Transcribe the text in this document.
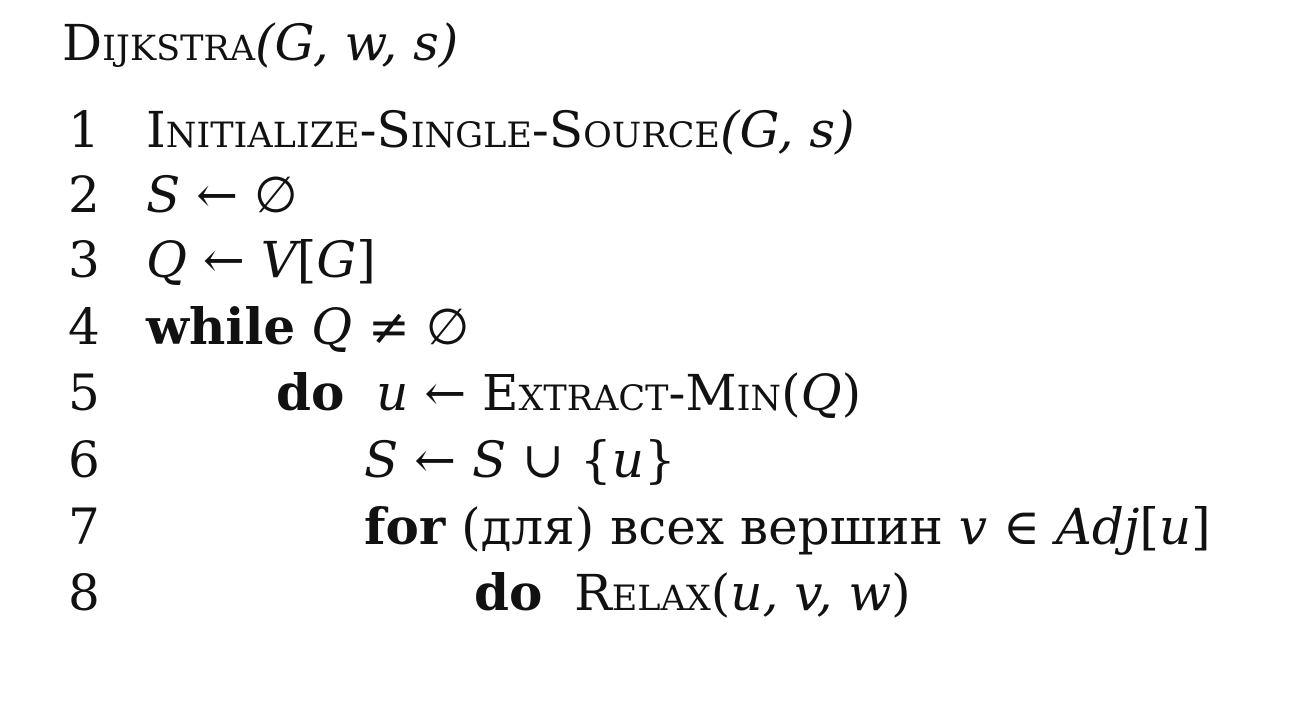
Dijkstra(G, w, s)
1 Initialize-Single-Source(G, s)
2 S ← ∅
3 Q ← V[G]
4 while Q ≠ ∅
5	do u ← Extract-Min(Q)
6	S ← S ∪ {u}
7	for (для) всех вершин v ∈ Adj[u]
8	do Relax(u, v, w)
